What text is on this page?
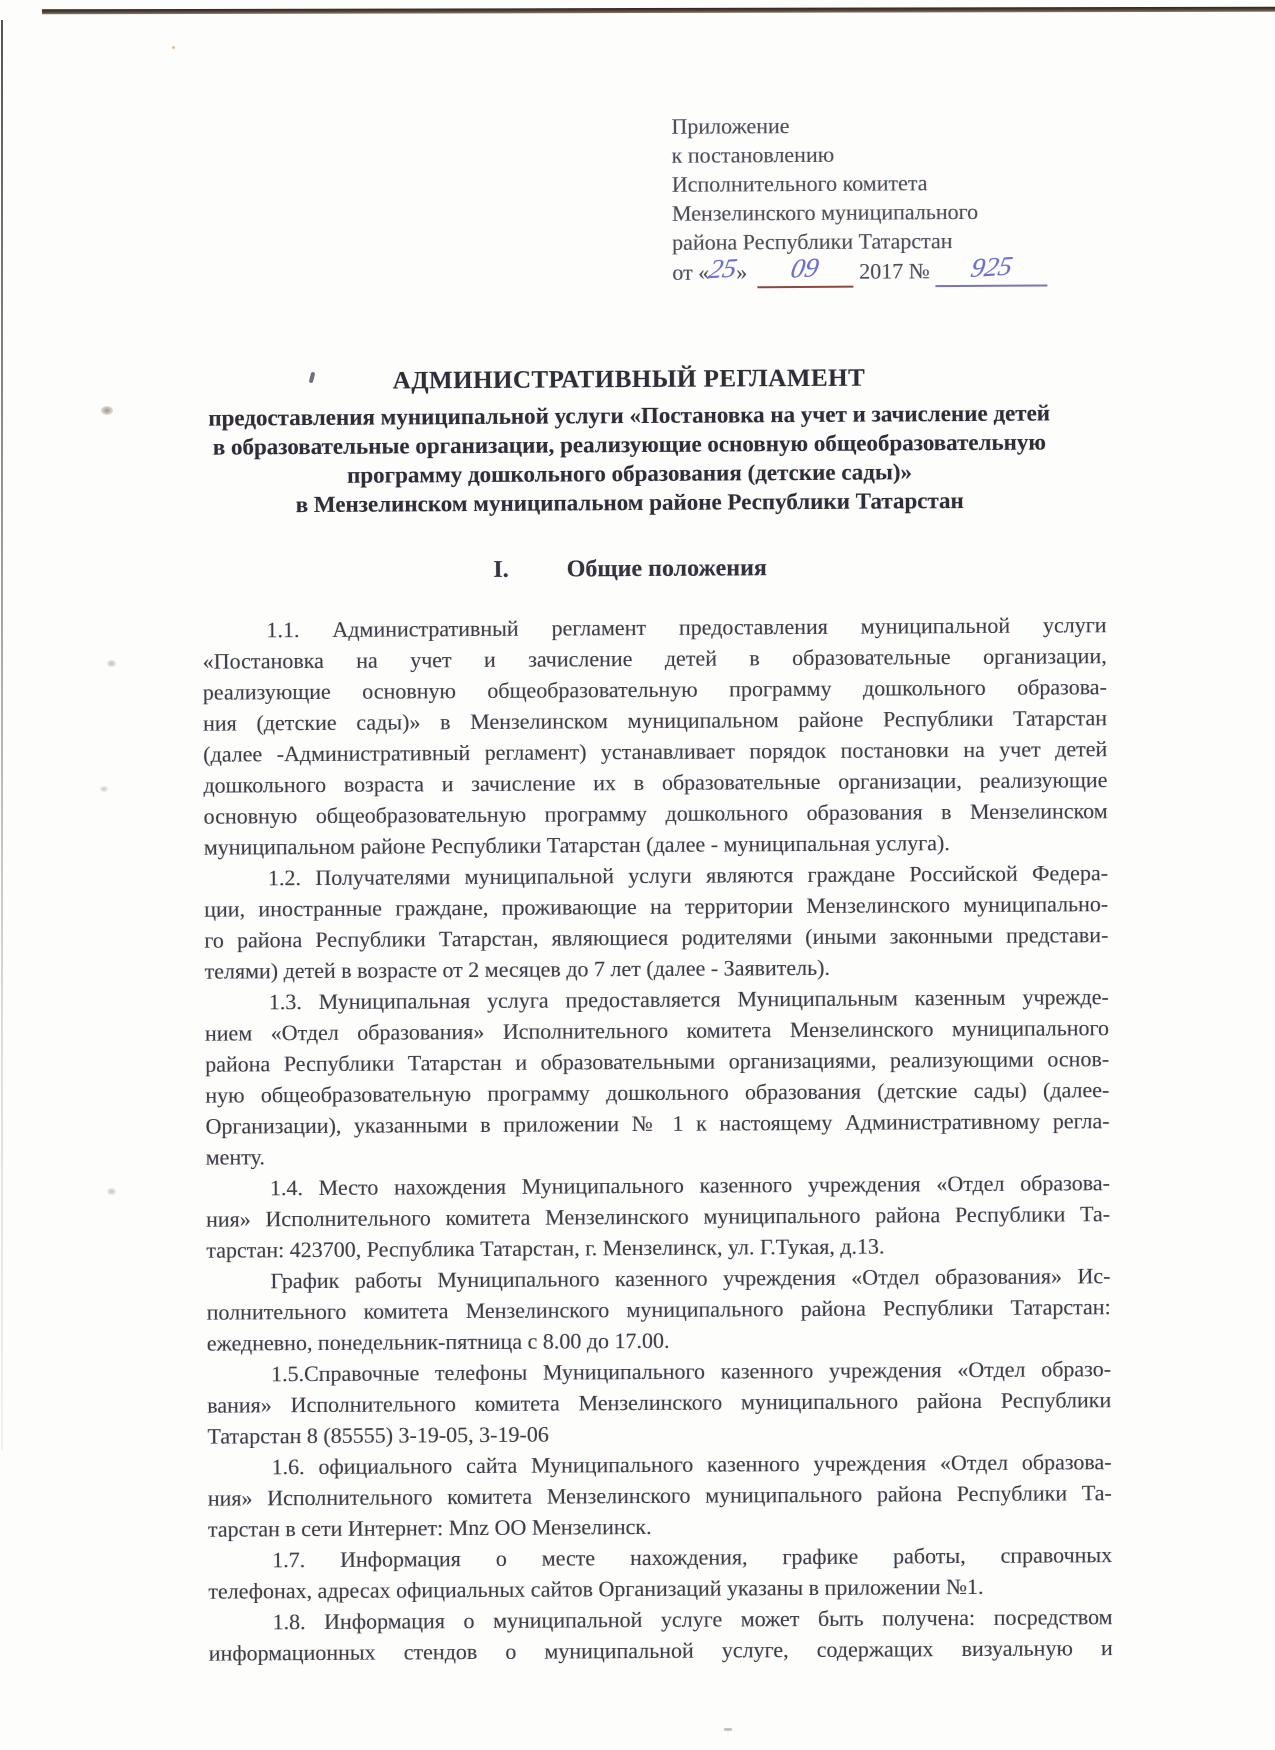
Приложение
к постановлению
Исполнительного комитета
Мензелинского муниципального
района Республики Татарстан
от «25» 09 2017 № 925
АДМИНИСТРАТИВНЫЙ РЕГЛАМЕНТ
предоставления муниципальной услуги «Постановка на учет и зачисление детей
в образовательные организации, реализующие основную общеобразовательную
программу дошкольного образования (детские сады)»
в Мензелинском муниципальном районе Республики Татарстан
I. Общие положения
1.1. Административный регламент предоставления муниципальной услуги
«Постановка на учет и зачисление детей в образовательные организации,
реализующие основную общеобразовательную программу дошкольного образова-
ния (детские сады)» в Мензелинском муниципальном районе Республики Татарстан
(далее -Административный регламент) устанавливает порядок постановки на учет детей
дошкольного возраста и зачисление их в образовательные организации, реализующие
основную общеобразовательную программу дошкольного образования в Мензелинском
муниципальном районе Республики Татарстан (далее - муниципальная услуга).
1.2. Получателями муниципальной услуги являются граждане Российской Федера-
ции, иностранные граждане, проживающие на территории Мензелинского муниципально-
го района Республики Татарстан, являющиеся родителями (иными законными представи-
телями) детей в возрасте от 2 месяцев до 7 лет (далее - Заявитель).
1.3. Муниципальная услуга предоставляется Муниципальным казенным учрежде-
нием «Отдел образования» Исполнительного комитета Мензелинского муниципального
района Республики Татарстан и образовательными организациями, реализующими основ-
ную общеобразовательную программу дошкольного образования (детские сады) (далее-
Организации), указанными в приложении № 1 к настоящему Административному регла-
менту.
1.4. Место нахождения Муниципального казенного учреждения «Отдел образова-
ния» Исполнительного комитета Мензелинского муниципального района Республики Та-
тарстан: 423700, Республика Татарстан, г. Мензелинск, ул. Г.Тукая, д.13.
График работы Муниципального казенного учреждения «Отдел образования» Ис-
полнительного комитета Мензелинского муниципального района Республики Татарстан:
ежедневно, понедельник-пятница с 8.00 до 17.00.
1.5.Справочные телефоны Муниципального казенного учреждения «Отдел образо-
вания» Исполнительного комитета Мензелинского муниципального района Республики
Татарстан 8 (85555) 3-19-05, 3-19-06
1.6. официального сайта Муниципального казенного учреждения «Отдел образова-
ния» Исполнительного комитета Мензелинского муниципального района Республики Та-
тарстан в сети Интернет: Mnz ОО Мензелинск.
1.7. Информация о месте нахождения, графике работы, справочных
телефонах, адресах официальных сайтов Организаций указаны в приложении №1.
1.8. Информация о муниципальной услуге может быть получена: посредством
информационных стендов о муниципальной услуге, содержащих визуальную и
